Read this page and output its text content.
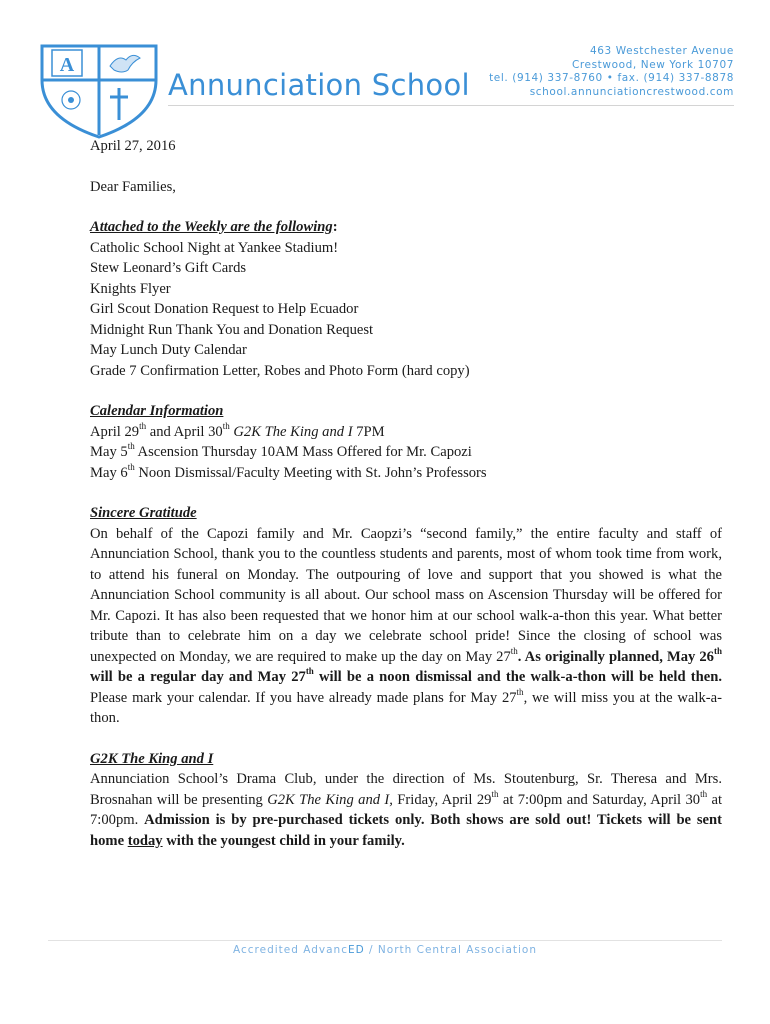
A
Annunciation School
463 Westchester Avenue
Crestwood, New York 10707
tel. (914) 337-8760 • fax. (914) 337-8878
school.annunciationcrestwood.com
April 27, 2016
Dear Families,
Attached to the Weekly are the following:
Catholic School Night at Yankee Stadium!
Stew Leonard’s Gift Cards
Knights Flyer
Girl Scout Donation Request to Help Ecuador
Midnight Run Thank You and Donation Request
May Lunch Duty Calendar
Grade 7 Confirmation Letter, Robes and Photo Form (hard copy)
Calendar Information
April 29th and April 30th G2K The King and I 7PM
May 5th Ascension Thursday 10AM Mass Offered for Mr. Capozi
May 6th Noon Dismissal/Faculty Meeting with St. John’s Professors
Sincere Gratitude
On behalf of the Capozi family and Mr. Caopzi’s “second family,” the entire faculty and staff of Annunciation School, thank you to the countless students and parents, most of whom took time from work, to attend his funeral on Monday. The outpouring of love and support that you showed is what the Annunciation School community is all about. Our school mass on Ascension Thursday will be offered for Mr. Capozi. It has also been requested that we honor him at our school walk-a-thon this year. What better tribute than to celebrate him on a day we celebrate school pride! Since the closing of school was unexpected on Monday, we are required to make up the day on May 27th. As originally planned, May 26th will be a regular day and May 27th will be a noon dismissal and the walk-a-thon will be held then. Please mark your calendar. If you have already made plans for May 27th, we will miss you at the walk-a-thon.
G2K The King and I
Annunciation School’s Drama Club, under the direction of Ms. Stoutenburg, Sr. Theresa and Mrs. Brosnahan will be presenting G2K The King and I, Friday, April 29th at 7:00pm and Saturday, April 30th at 7:00pm. Admission is by pre-purchased tickets only. Both shows are sold out! Tickets will be sent home today with the youngest child in your family.
Accredited AdvancED / North Central Association
